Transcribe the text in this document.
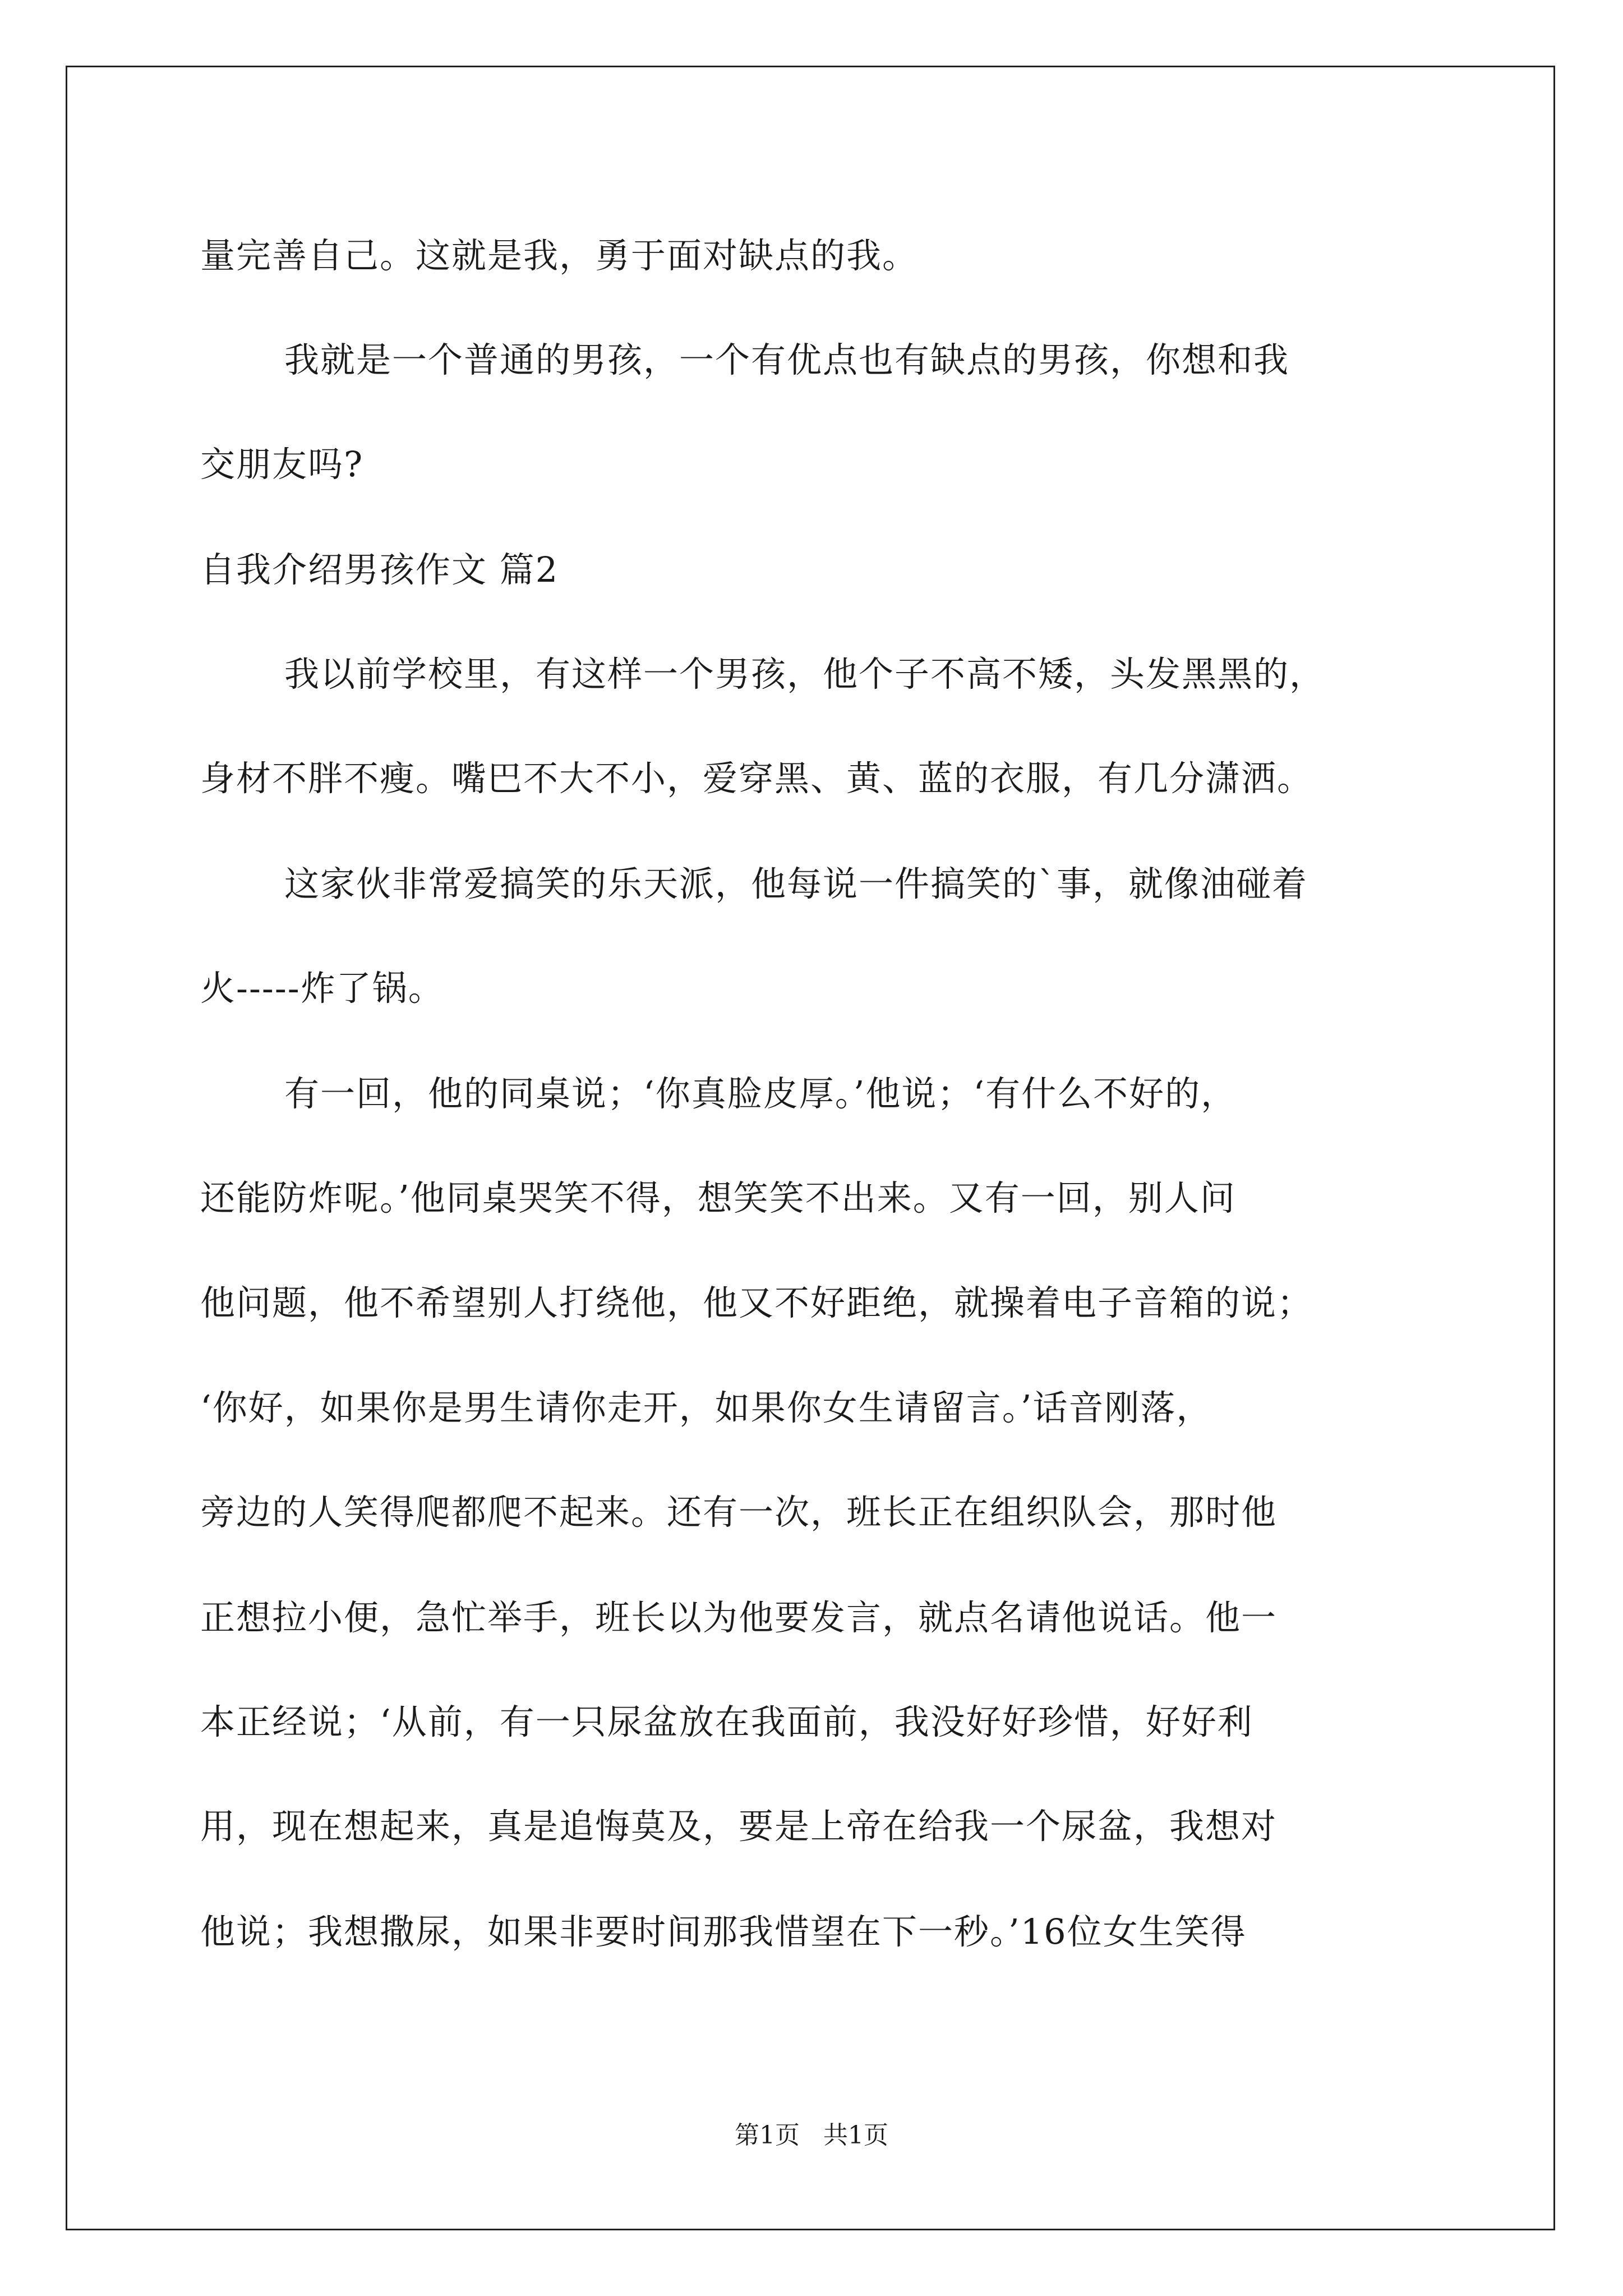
量完善自己。这就是我，勇于面对缺点的我。
我就是一个普通的男孩，一个有优点也有缺点的男孩，你想和我
交朋友吗?
自我介绍男孩作文 篇2
我以前学校里，有这样一个男孩，他个子不高不矮，头发黑黑的，
身材不胖不瘦。嘴巴不大不小，爱穿黑、黄、蓝的衣服，有几分潇洒。
这家伙非常爱搞笑的乐天派，他每说一件搞笑的`事，就像油碰着
火-----炸了锅。
有一回，他的同桌说；‘你真脸皮厚。’他说；‘有什么不好的，
还能防炸呢。’他同桌哭笑不得，想笑笑不出来。又有一回，别人问
他问题，他不希望别人打绕他，他又不好距绝，就操着电子音箱的说；
‘你好，如果你是男生请你走开，如果你女生请留言。’话音刚落，
旁边的人笑得爬都爬不起来。还有一次，班长正在组织队会，那时他
正想拉小便，急忙举手，班长以为他要发言，就点名请他说话。他一
本正经说；‘从前，有一只尿盆放在我面前，我没好好珍惜，好好利
用，现在想起来，真是追悔莫及，要是上帝在给我一个尿盆，我想对
他说；我想撒尿，如果非要时间那我惜望在下一秒。’16位女生笑得
第1页   共1页
